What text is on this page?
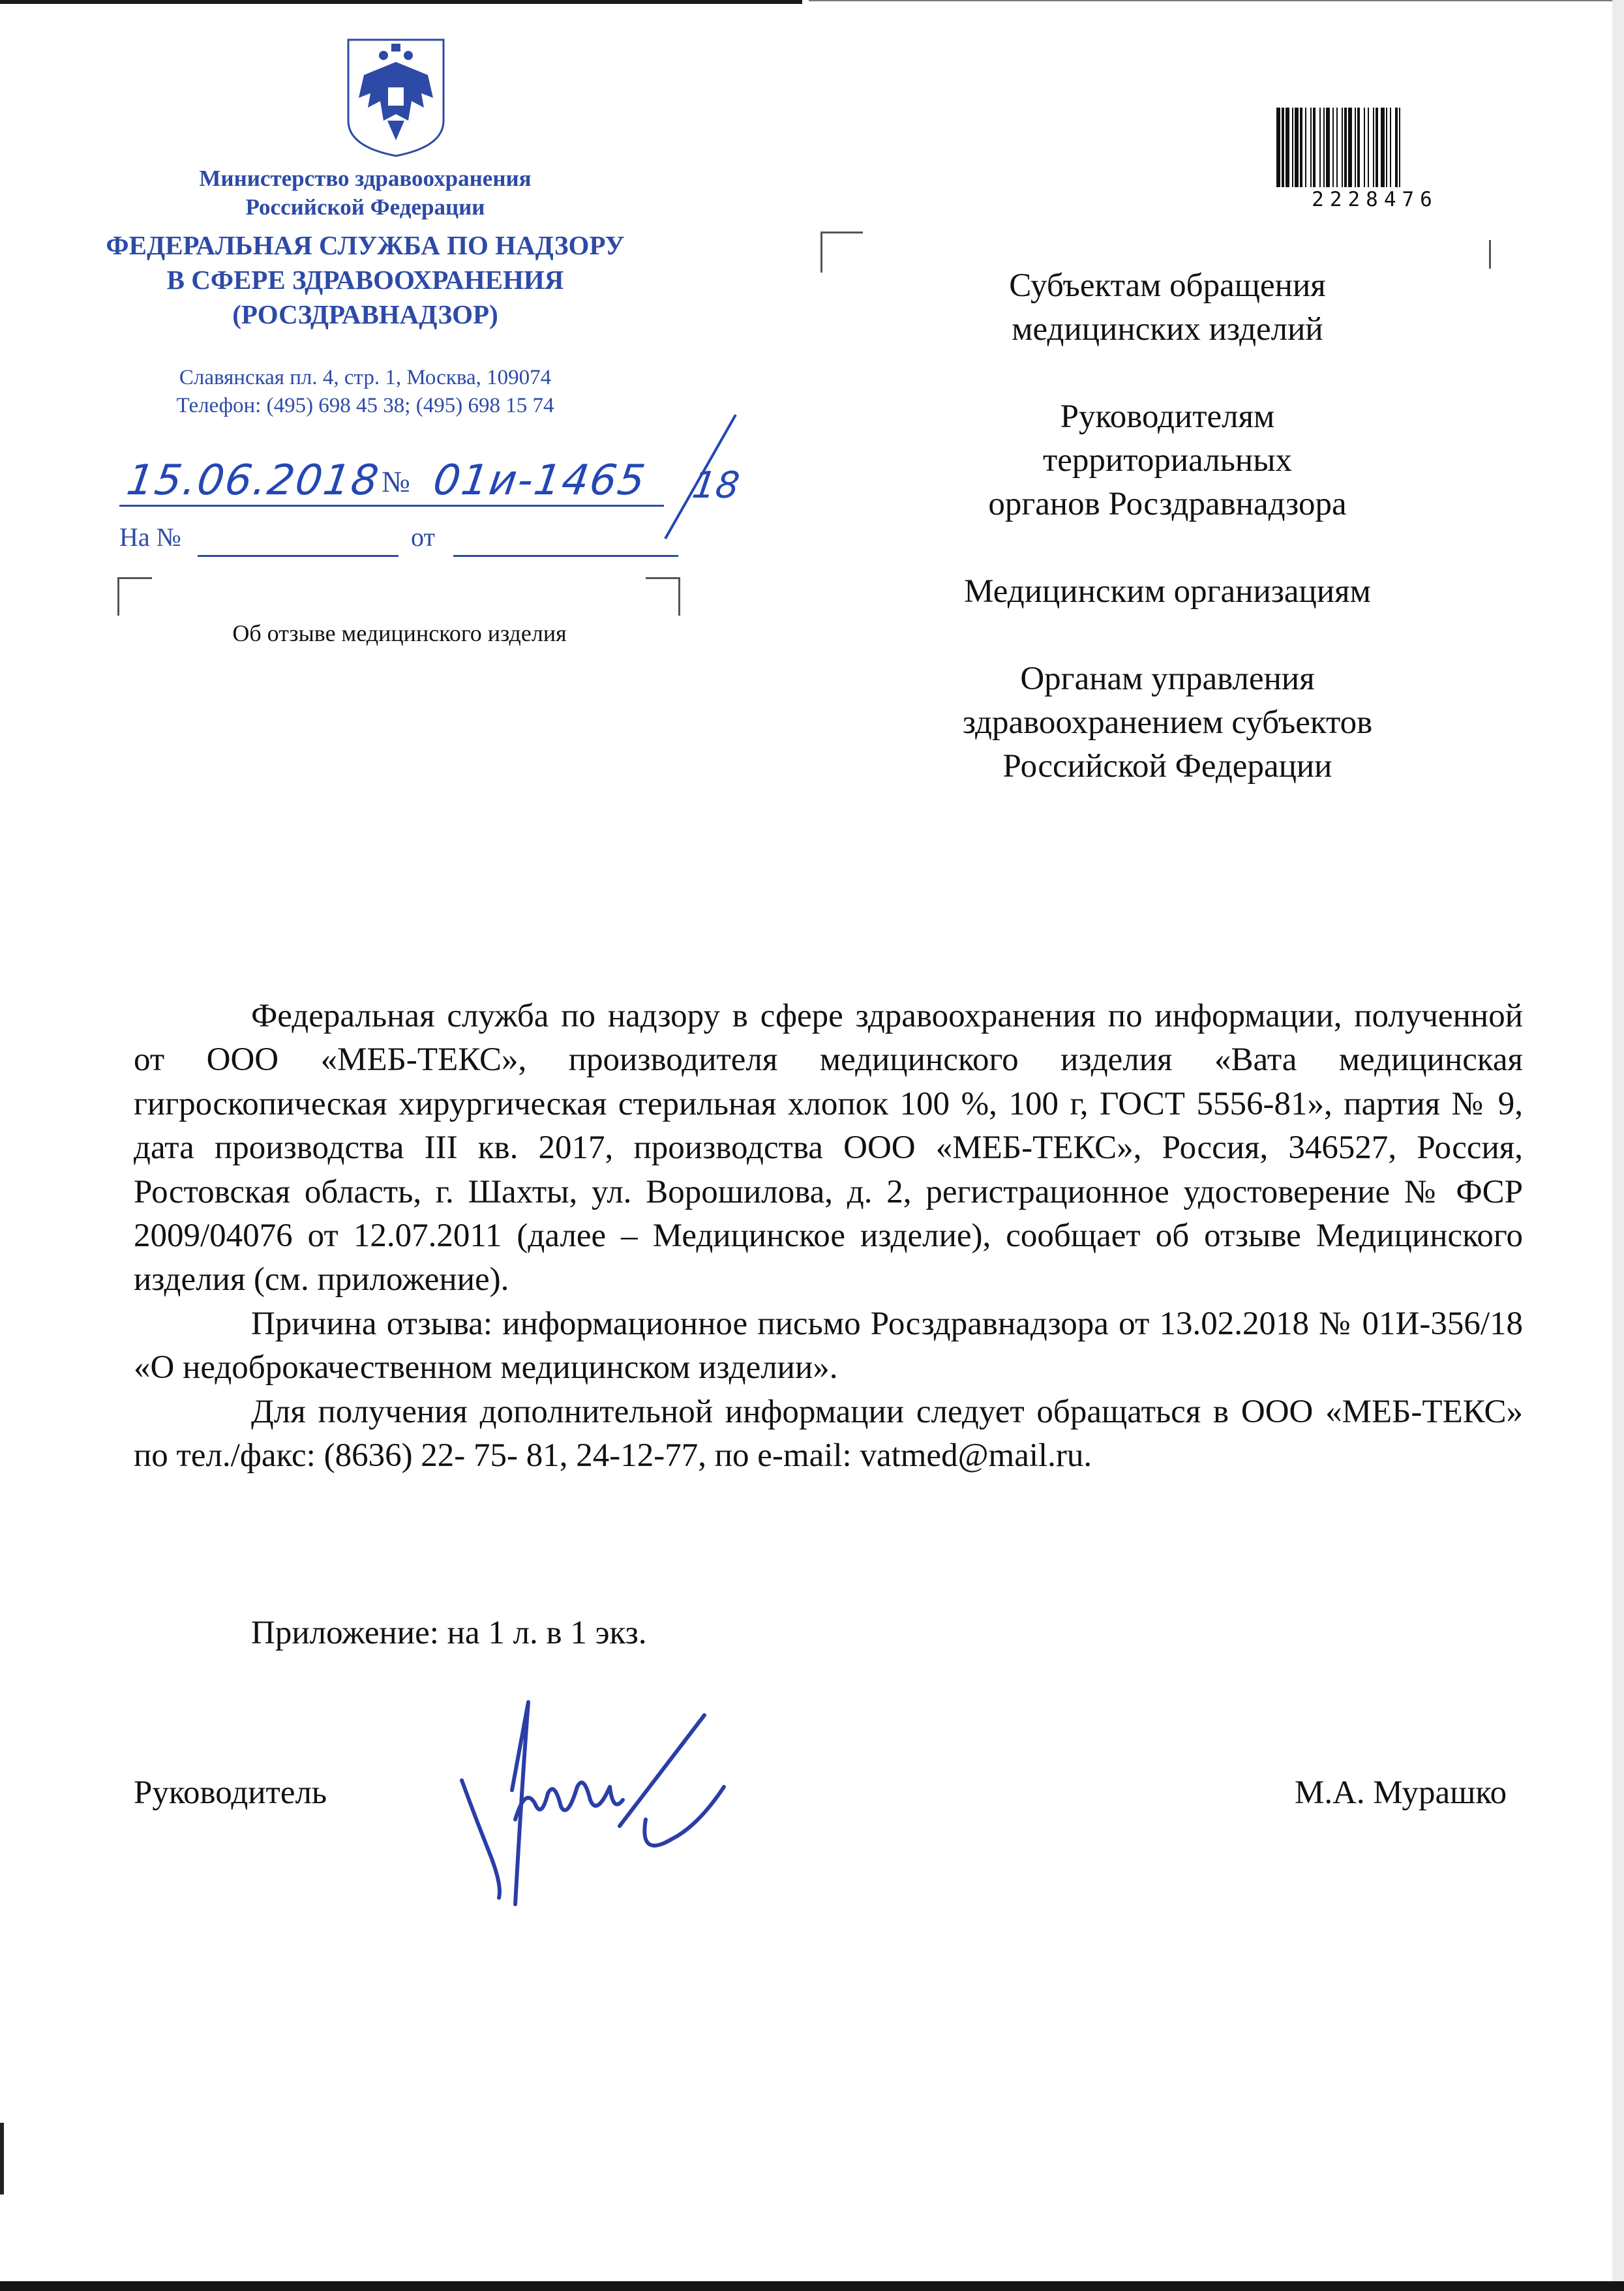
Министерство здравоохранения
Российской Федерации
ФЕДЕРАЛЬНАЯ СЛУЖБА ПО НАДЗОРУ
В СФЕРЕ ЗДРАВООХРАНЕНИЯ
(РОСЗДРАВНАДЗОР)
Славянская пл. 4, стр. 1, Москва, 109074
Телефон: (495) 698 45 38; (495) 698 15 74
15.06.2018
№ 01и-1465 18
На №	от
Об отзыве медицинского изделия
2228476
Субъектам обращения
медицинских изделий
Руководителям
территориальных
органов Росздравнадзора
Медицинским организациям
Органам управления
здравоохранением субъектов
Российской Федерации

Федеральная служба по надзору в сфере здравоохранения по информации, полученной от ООО «МЕБ-ТЕКС», производителя медицинского изделия «Вата медицинская гигроскопическая хирургическая стерильная хлопок 100 %, 100 г, ГОСТ 5556-81», партия № 9, дата производства III кв. 2017, производства ООО «МЕБ-ТЕКС», Россия, 346527, Россия, Ростовская область, г. Шахты, ул. Ворошилова, д. 2, регистрационное удостоверение № ФСР 2009/04076 от 12.07.2011 (далее – Медицинское изделие), сообщает об отзыве Медицинского изделия (см. приложение).

Причина отзыва: информационное письмо Росздравнадзора от 13.02.2018 № 01И-356/18 «О недоброкачественном медицинском изделии».

Для получения дополнительной информации следует обращаться в ООО «МЕБ-ТЕКС» по тел./факс: (8636) 22- 75- 81, 24-12-77, по e-mail: vatmed@mail.ru.

Приложение: на 1 л. в 1 экз.
Руководитель	М.А. Мурашко
